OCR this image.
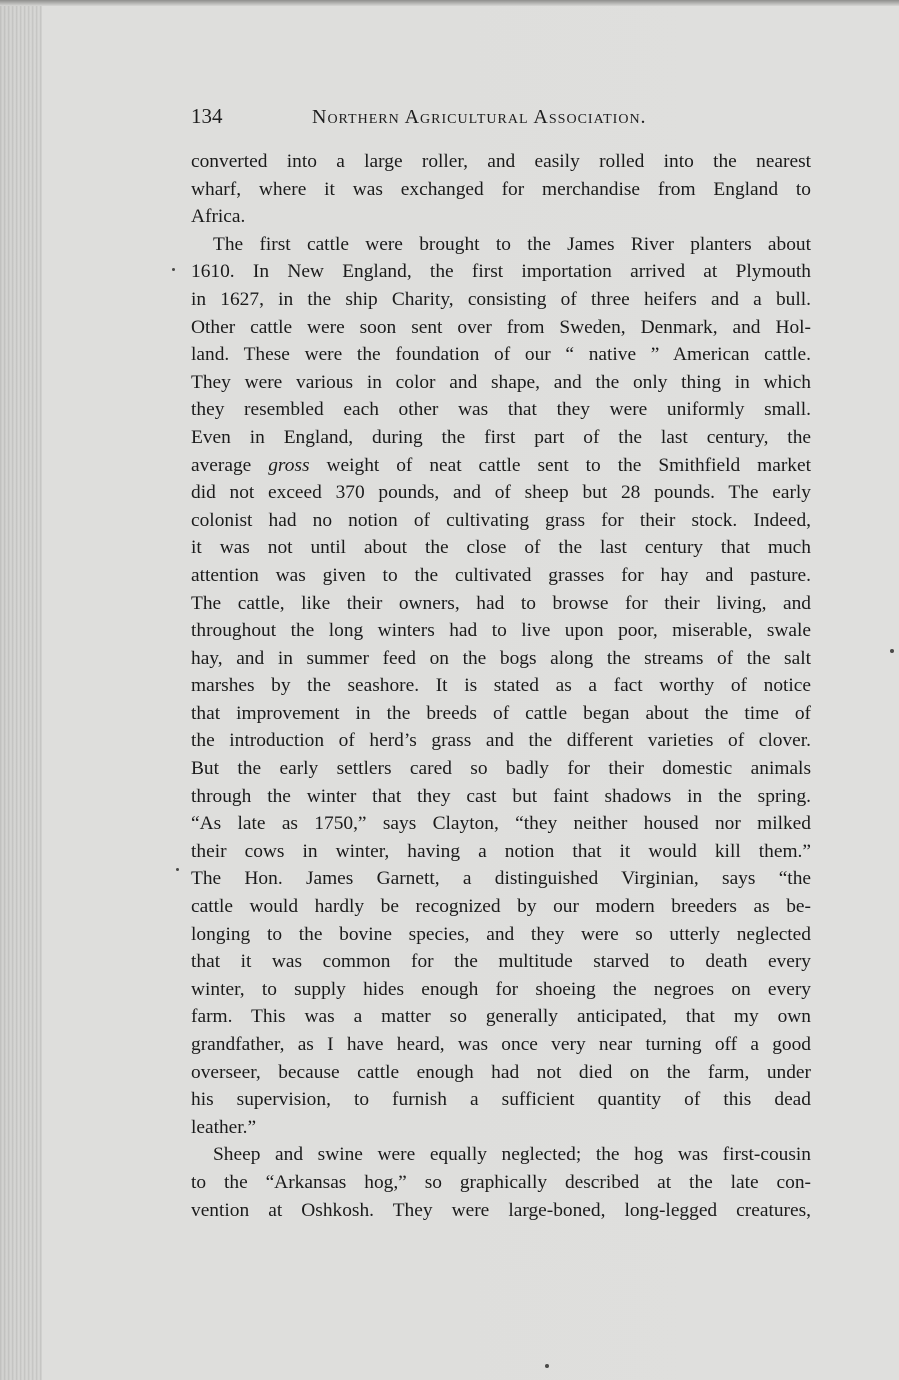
134	Northern Agricultural Association.
converted into a large roller, and easily rolled into the nearest
wharf, where it was exchanged for merchandise from England to
Africa.
The first cattle were brought to the James River planters about
1610. In New England, the first importation arrived at Plymouth
in 1627, in the ship Charity, consisting of three heifers and a bull.
Other cattle were soon sent over from Sweden, Denmark, and Hol-
land. These were the foundation of our “ native ” American cattle.
They were various in color and shape, and the only thing in which
they resembled each other was that they were uniformly small.
Even in England, during the first part of the last century, the
average gross weight of neat cattle sent to the Smithfield market
did not exceed 370 pounds, and of sheep but 28 pounds. The early
colonist had no notion of cultivating grass for their stock. Indeed,
it was not until about the close of the last century that much
attention was given to the cultivated grasses for hay and pasture.
The cattle, like their owners, had to browse for their living, and
throughout the long winters had to live upon poor, miserable, swale
hay, and in summer feed on the bogs along the streams of the salt
marshes by the seashore. It is stated as a fact worthy of notice
that improvement in the breeds of cattle began about the time of
the introduction of herd’s grass and the different varieties of clover.
But the early settlers cared so badly for their domestic animals
through the winter that they cast but faint shadows in the spring.
“As late as 1750,” says Clayton, “they neither housed nor milked
their cows in winter, having a notion that it would kill them.”
The Hon. James Garnett, a distinguished Virginian, says “the
cattle would hardly be recognized by our modern breeders as be-
longing to the bovine species, and they were so utterly neglected
that it was common for the multitude starved to death every
winter, to supply hides enough for shoeing the negroes on every
farm. This was a matter so generally anticipated, that my own
grandfather, as I have heard, was once very near turning off a good
overseer, because cattle enough had not died on the farm, under
his supervision, to furnish a sufficient quantity of this dead
leather.”
Sheep and swine were equally neglected; the hog was first-cousin
to the “Arkansas hog,” so graphically described at the late con-
vention at Oshkosh. They were large-boned, long-legged creatures,
